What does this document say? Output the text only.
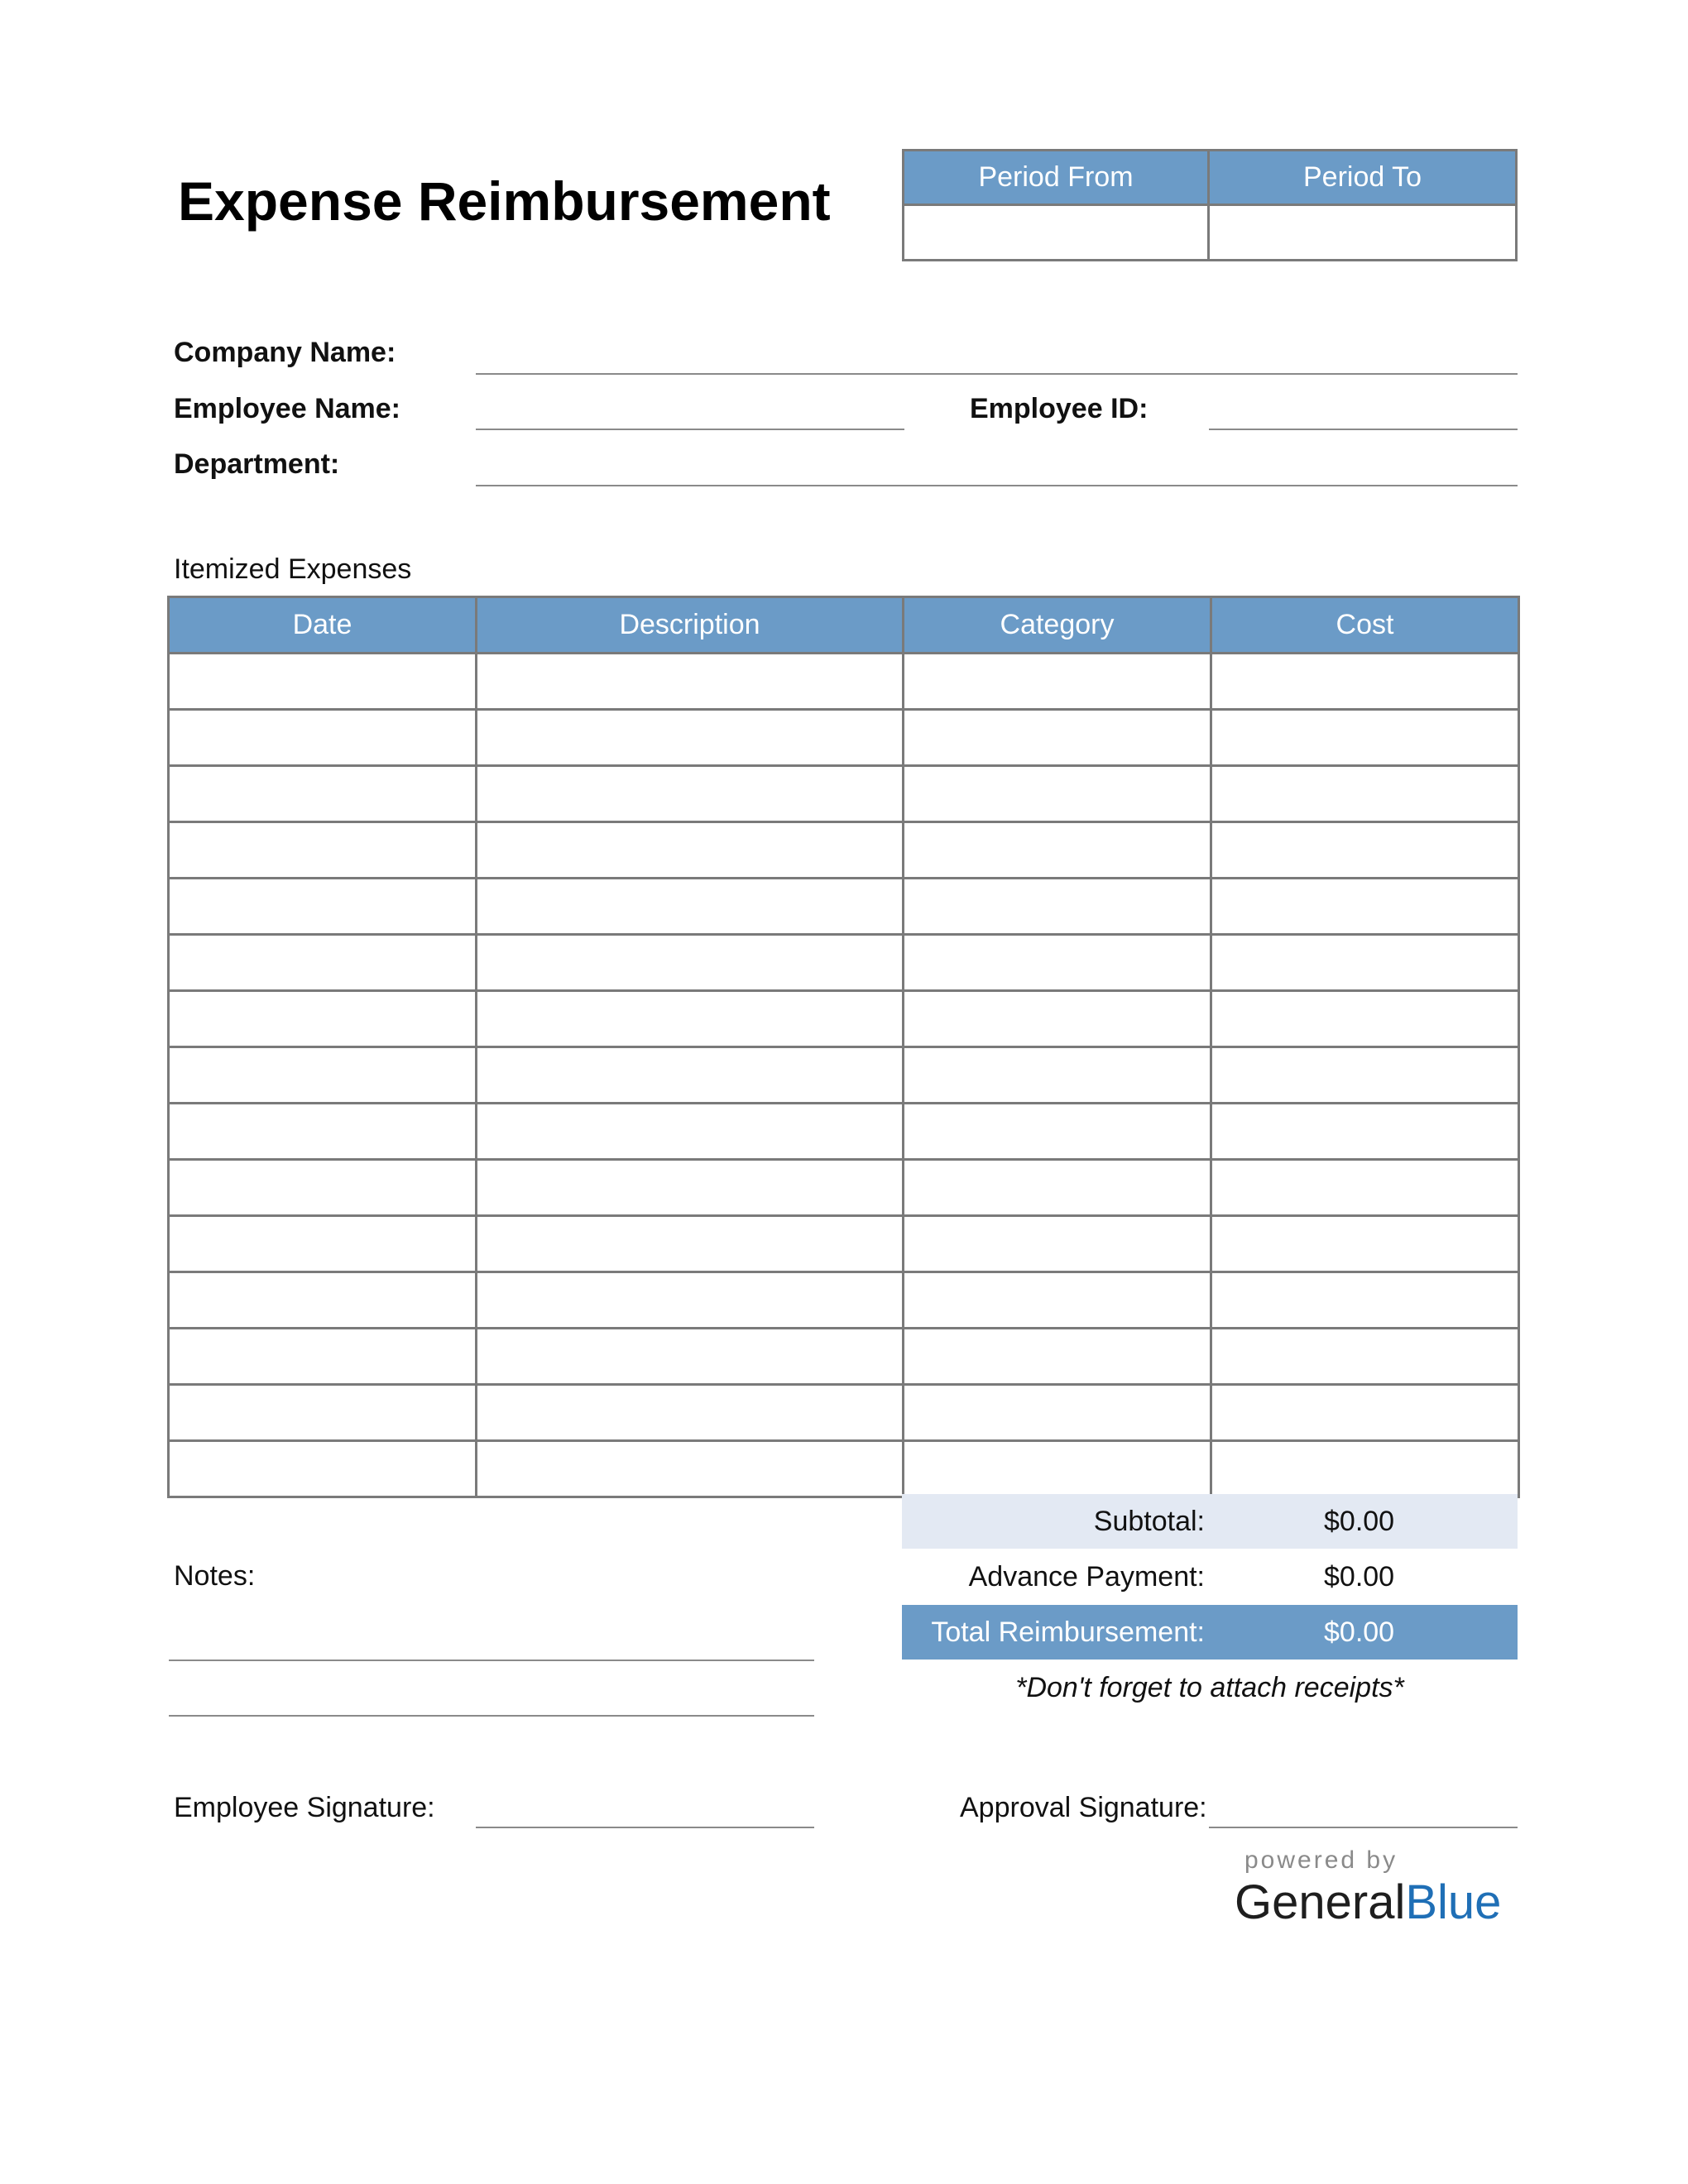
Expense Reimbursement	Period From	Period To
Company Name:
Employee Name:	Employee ID:
Department:
Itemized Expenses
Date	Description	Category	Cost

Subtotal:	$0.00
Advance Payment:	$0.00
Total Reimbursement:	$0.00
*Don't forget to attach receipts*
Notes:
Employee Signature:	Approval Signature:
powered by
GeneralBlue
